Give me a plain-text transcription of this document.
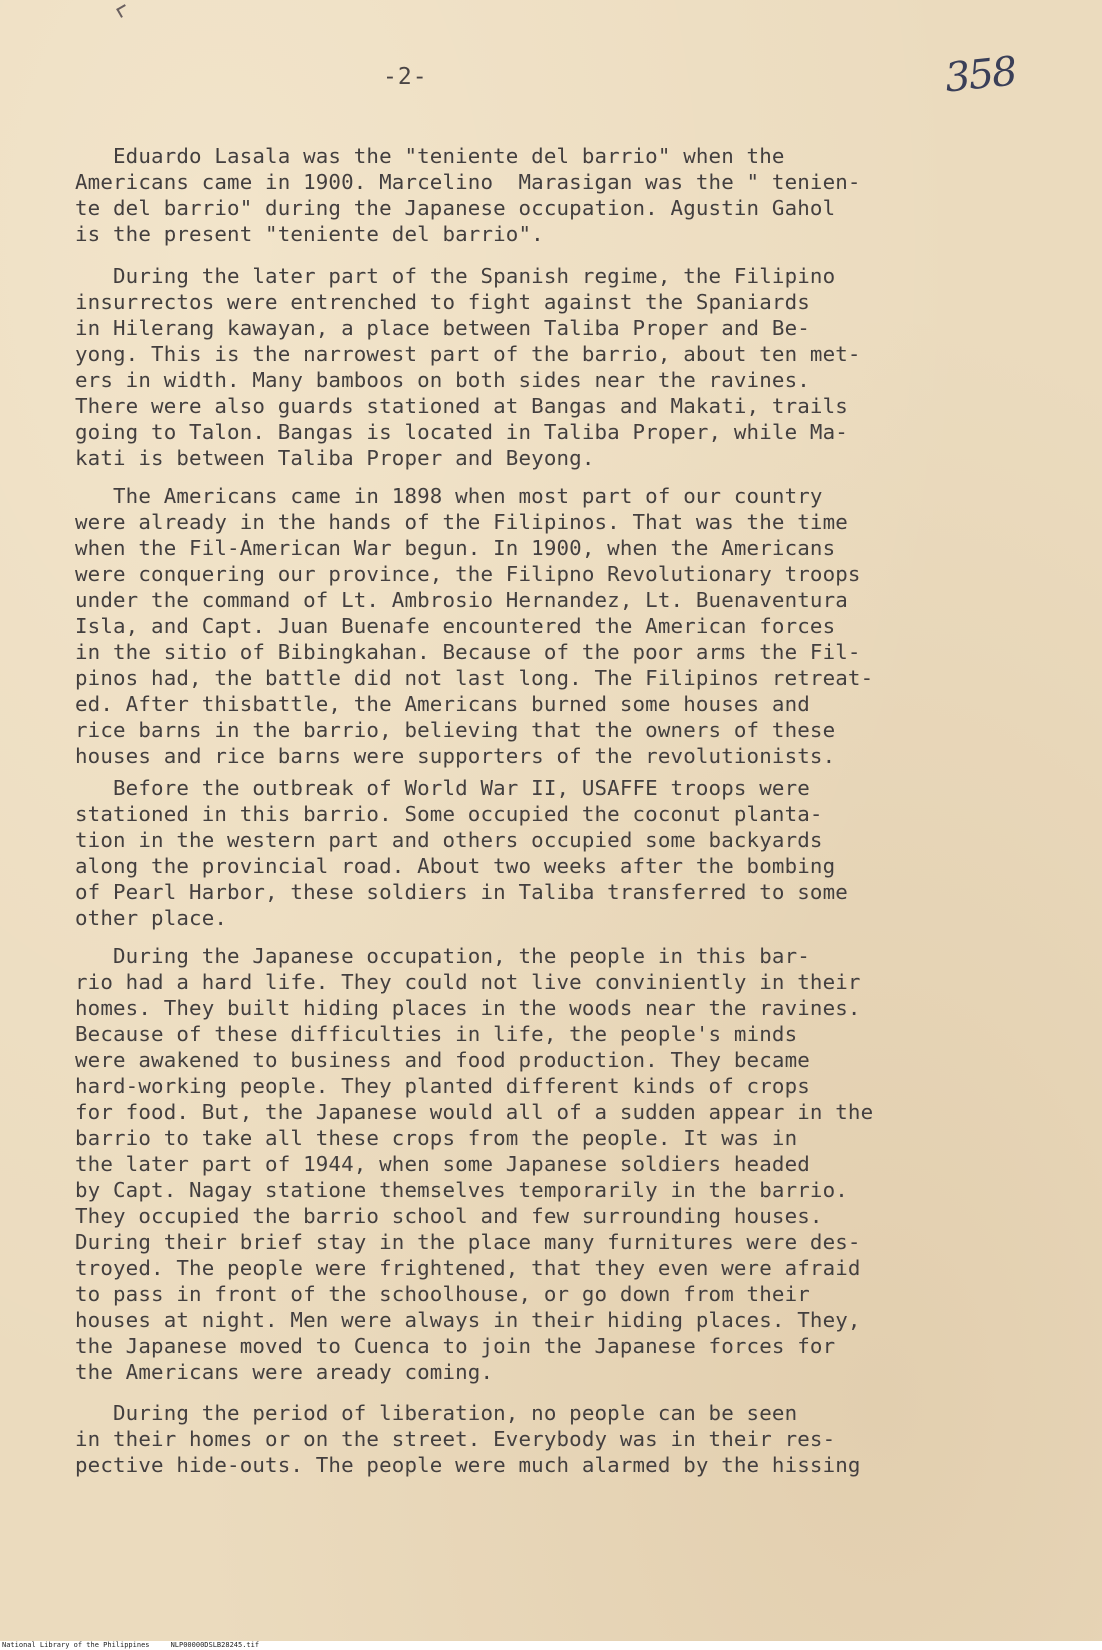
-2-	358
Eduardo Lasala was the "teniente del barrio" when the
Americans came in 1900. Marcelino  Marasigan was the " tenien-
te del barrio" during the Japanese occupation. Agustin Gahol
is the present "teniente del barrio".
During the later part of the Spanish regime, the Filipino
insurrectos were entrenched to fight against the Spaniards
in Hilerang kawayan, a place between Taliba Proper and Be-
yong. This is the narrowest part of the barrio, about ten met-
ers in width. Many bamboos on both sides near the ravines.
There were also guards stationed at Bangas and Makati, trails
going to Talon. Bangas is located in Taliba Proper, while Ma-
kati is between Taliba Proper and Beyong.
The Americans came in 1898 when most part of our country
were already in the hands of the Filipinos. That was the time
when the Fil-American War begun. In 1900, when the Americans
were conquering our province, the Filipno Revolutionary troops
under the command of Lt. Ambrosio Hernandez, Lt. Buenaventura
Isla, and Capt. Juan Buenafe encountered the American forces
in the sitio of Bibingkahan. Because of the poor arms the Fil-
pinos had, the battle did not last long. The Filipinos retreat-
ed. After thisbattle, the Americans burned some houses and
rice barns in the barrio, believing that the owners of these
houses and rice barns were supporters of the revolutionists.
Before the outbreak of World War II, USAFFE troops were
stationed in this barrio. Some occupied the coconut planta-
tion in the western part and others occupied some backyards
along the provincial road. About two weeks after the bombing
of Pearl Harbor, these soldiers in Taliba transferred to some
other place.
During the Japanese occupation, the people in this bar-
rio had a hard life. They could not live conviniently in their
homes. They built hiding places in the woods near the ravines.
Because of these difficulties in life, the people's minds
were awakened to business and food production. They became
hard-working people. They planted different kinds of crops
for food. But, the Japanese would all of a sudden appear in the
barrio to take all these crops from the people. It was in
the later part of 1944, when some Japanese soldiers headed
by Capt. Nagay statione themselves temporarily in the barrio.
They occupied the barrio school and few surrounding houses.
During their brief stay in the place many furnitures were des-
troyed. The people were frightened, that they even were afraid
to pass in front of the schoolhouse, or go down from their
houses at night. Men were always in their hiding places. They,
the Japanese moved to Cuenca to join the Japanese forces for
the Americans were aready coming.
During the period of liberation, no people can be seen
in their homes or on the street. Everybody was in their res-
pective hide-outs. The people were much alarmed by the hissing
National Library of the Philippines     NLP00000DSLB28245.tif
